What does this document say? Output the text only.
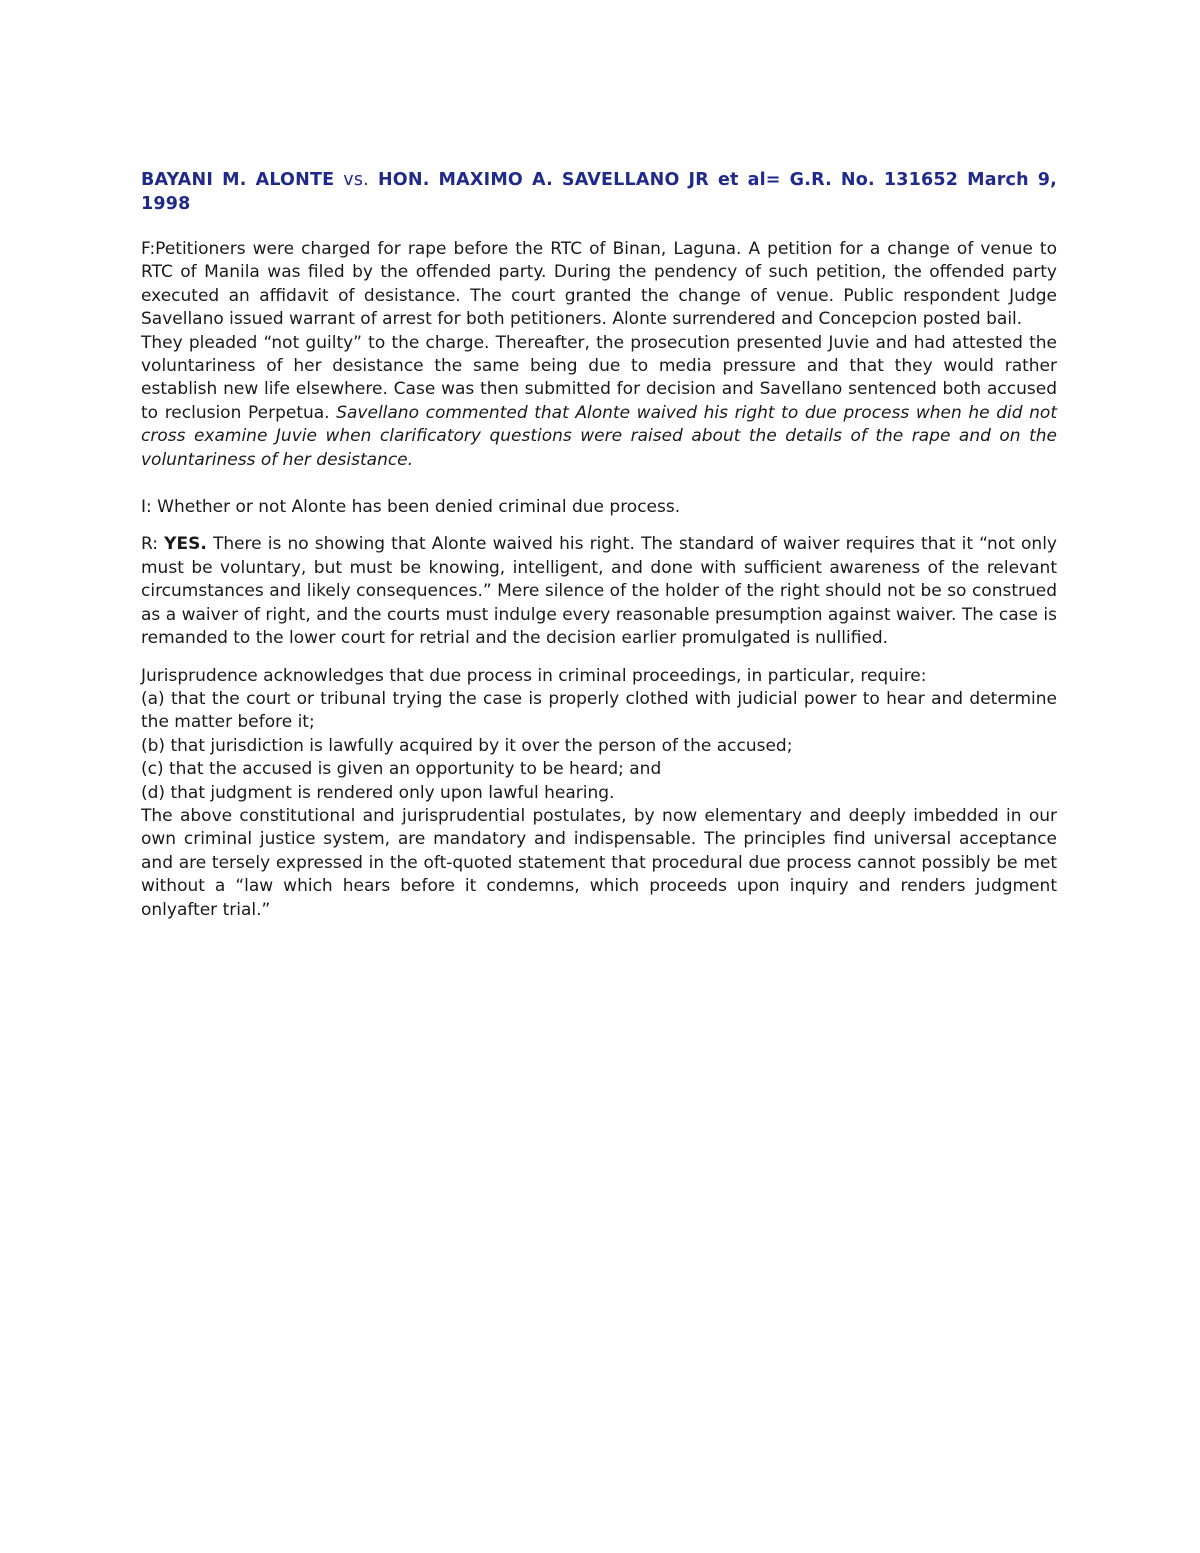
BAYANI M. ALONTE vs. HON. MAXIMO A. SAVELLANO JR et al= G.R. No. 131652 March 9, 1998

F:Petitioners were charged for rape before the RTC of Binan, Laguna. A petition for a change of venue to RTC of Manila was filed by the offended party. During the pendency of such petition, the offended party executed an affidavit of desistance. The court granted the change of venue. Public respondent Judge Savellano issued warrant of arrest for both petitioners. Alonte surrendered and Concepcion posted bail.

They pleaded “not guilty” to the charge. Thereafter, the prosecution presented Juvie and had attested the voluntariness of her desistance the same being due to media pressure and that they would rather establish new life elsewhere. Case was then submitted for decision and Savellano sentenced both accused to reclusion Perpetua. Savellano commented that Alonte waived his right to due process when he did not cross examine Juvie when clarificatory questions were raised about the details of the rape and on the voluntariness of her desistance.

I: Whether or not Alonte has been denied criminal due process.

R: YES. There is no showing that Alonte waived his right. The standard of waiver requires that it “not only must be voluntary, but must be knowing, intelligent, and done with sufficient awareness of the relevant circumstances and likely consequences.” Mere silence of the holder of the right should not be so construed as a waiver of right, and the courts must indulge every reasonable presumption against waiver. The case is remanded to the lower court for retrial and the decision earlier promulgated is nullified.

Jurisprudence acknowledges that due process in criminal proceedings, in particular, require:

(a) that the court or tribunal trying the case is properly clothed with judicial power to hear and determine the matter before it;

(b) that jurisdiction is lawfully acquired by it over the person of the accused;

(c) that the accused is given an opportunity to be heard; and

(d) that judgment is rendered only upon lawful hearing.

The above constitutional and jurisprudential postulates, by now elementary and deeply imbedded in our own criminal justice system, are mandatory and indispensable. The principles find universal acceptance and are tersely expressed in the oft-quoted statement that procedural due process cannot possibly be met without a “law which hears before it condemns, which proceeds upon inquiry and renders judgment onlyafter trial.”
